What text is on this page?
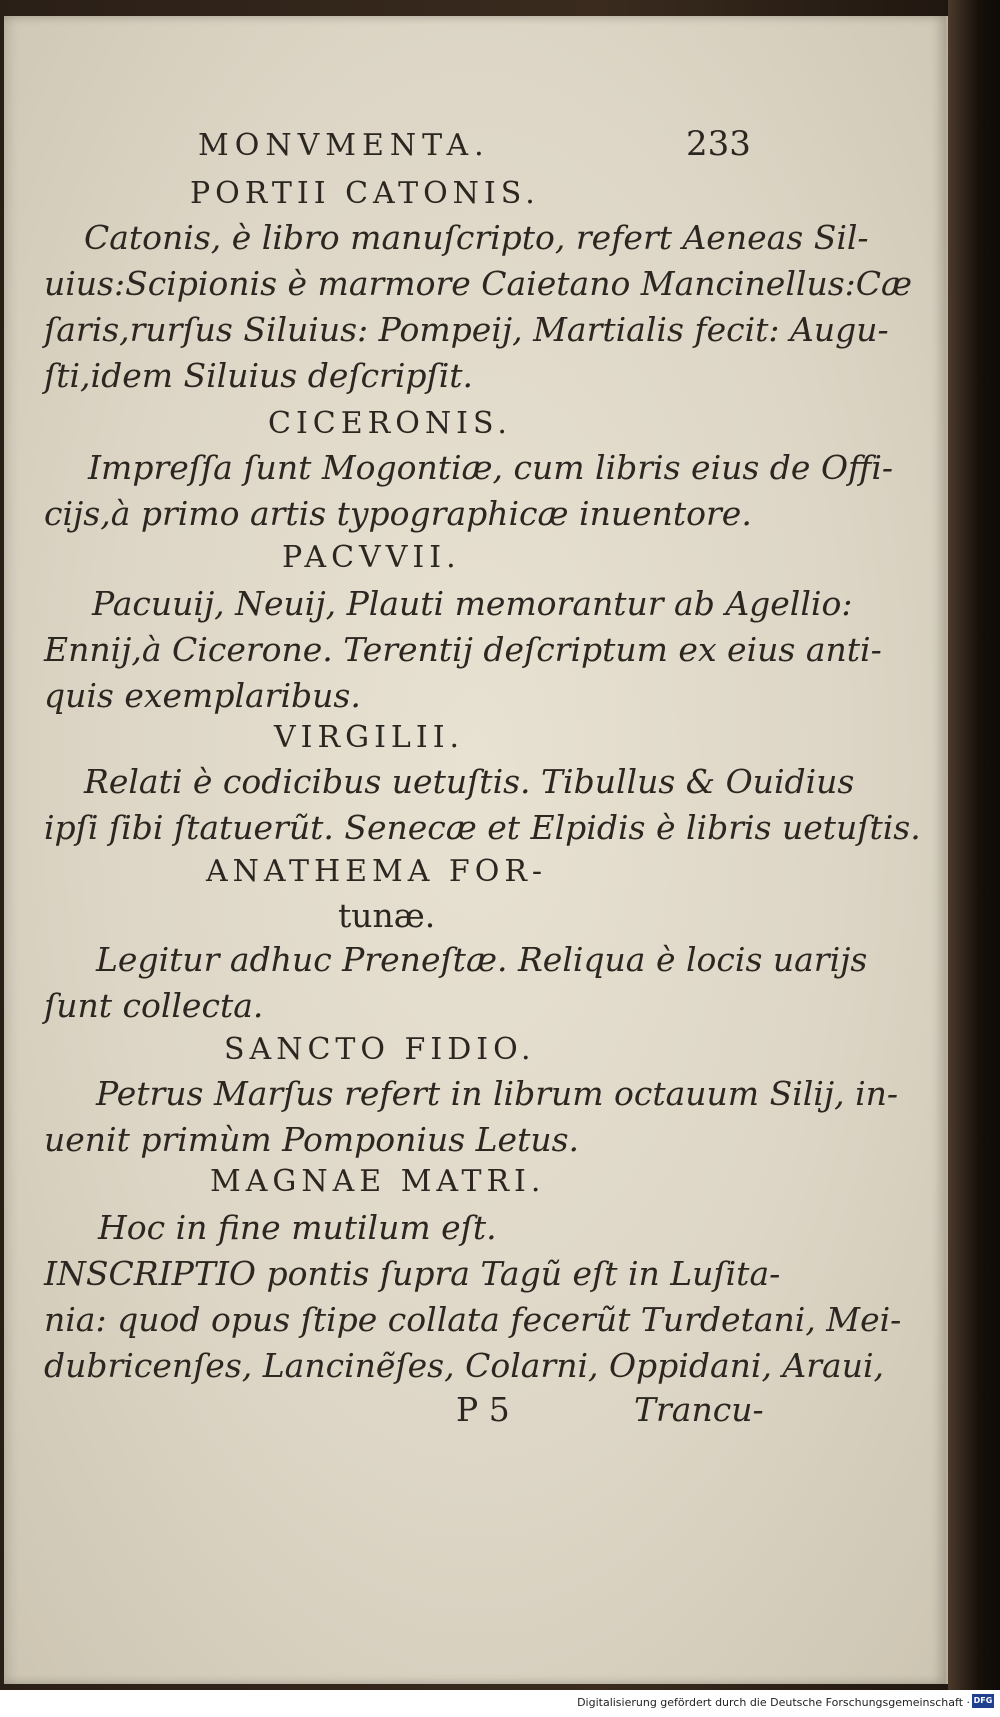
MONVMENTA.	233
PORTII CATONIS.
Catonis, è libro manuſcripto, refert Aeneas Sil-
uius:Scipionis è marmore Caietano Mancinellus:Cæ
ſaris,rurſus Siluius: Pompeij, Martialis fecit: Augu-
ſti,idem Siluius deſcripſit.
CICERONIS.
Impreſſa ſunt Mogontiæ, cum libris eius de Offi-
cijs,à primo artis typographicæ inuentore.
PACVVII.
Pacuuij, Neuij, Plauti memorantur ab Agellio:
Ennij,à Cicerone. Terentij deſcriptum ex eius anti-
quis exemplaribus.
VIRGILII.
Relati è codicibus uetuſtis. Tibullus & Ouidius
ipſi ſibi ſtatuerũt. Senecæ et Elpidis è libris uetuſtis.
ANATHEMA FOR-
tunæ.
Legitur adhuc Preneſtæ. Reliqua è locis uarijs
ſunt collecta.
SANCTO FIDIO.
Petrus Marſus refert in librum octauum Silij, in-
uenit primùm Pomponius Letus.
MAGNAE MATRI.
Hoc in fine mutilum eſt.
INSCRIPTIO pontis ſupra Tagũ eſt in Luſita-
nia: quod opus ſtipe collata fecerũt Turdetani, Mei-
dubricenſes, Lancinẽſes, Colarni, Oppidani, Araui,
P 5	Trancu-
Digitalisierung gefördert durch die Deutsche Forschungsgemeinschaft · DFG
